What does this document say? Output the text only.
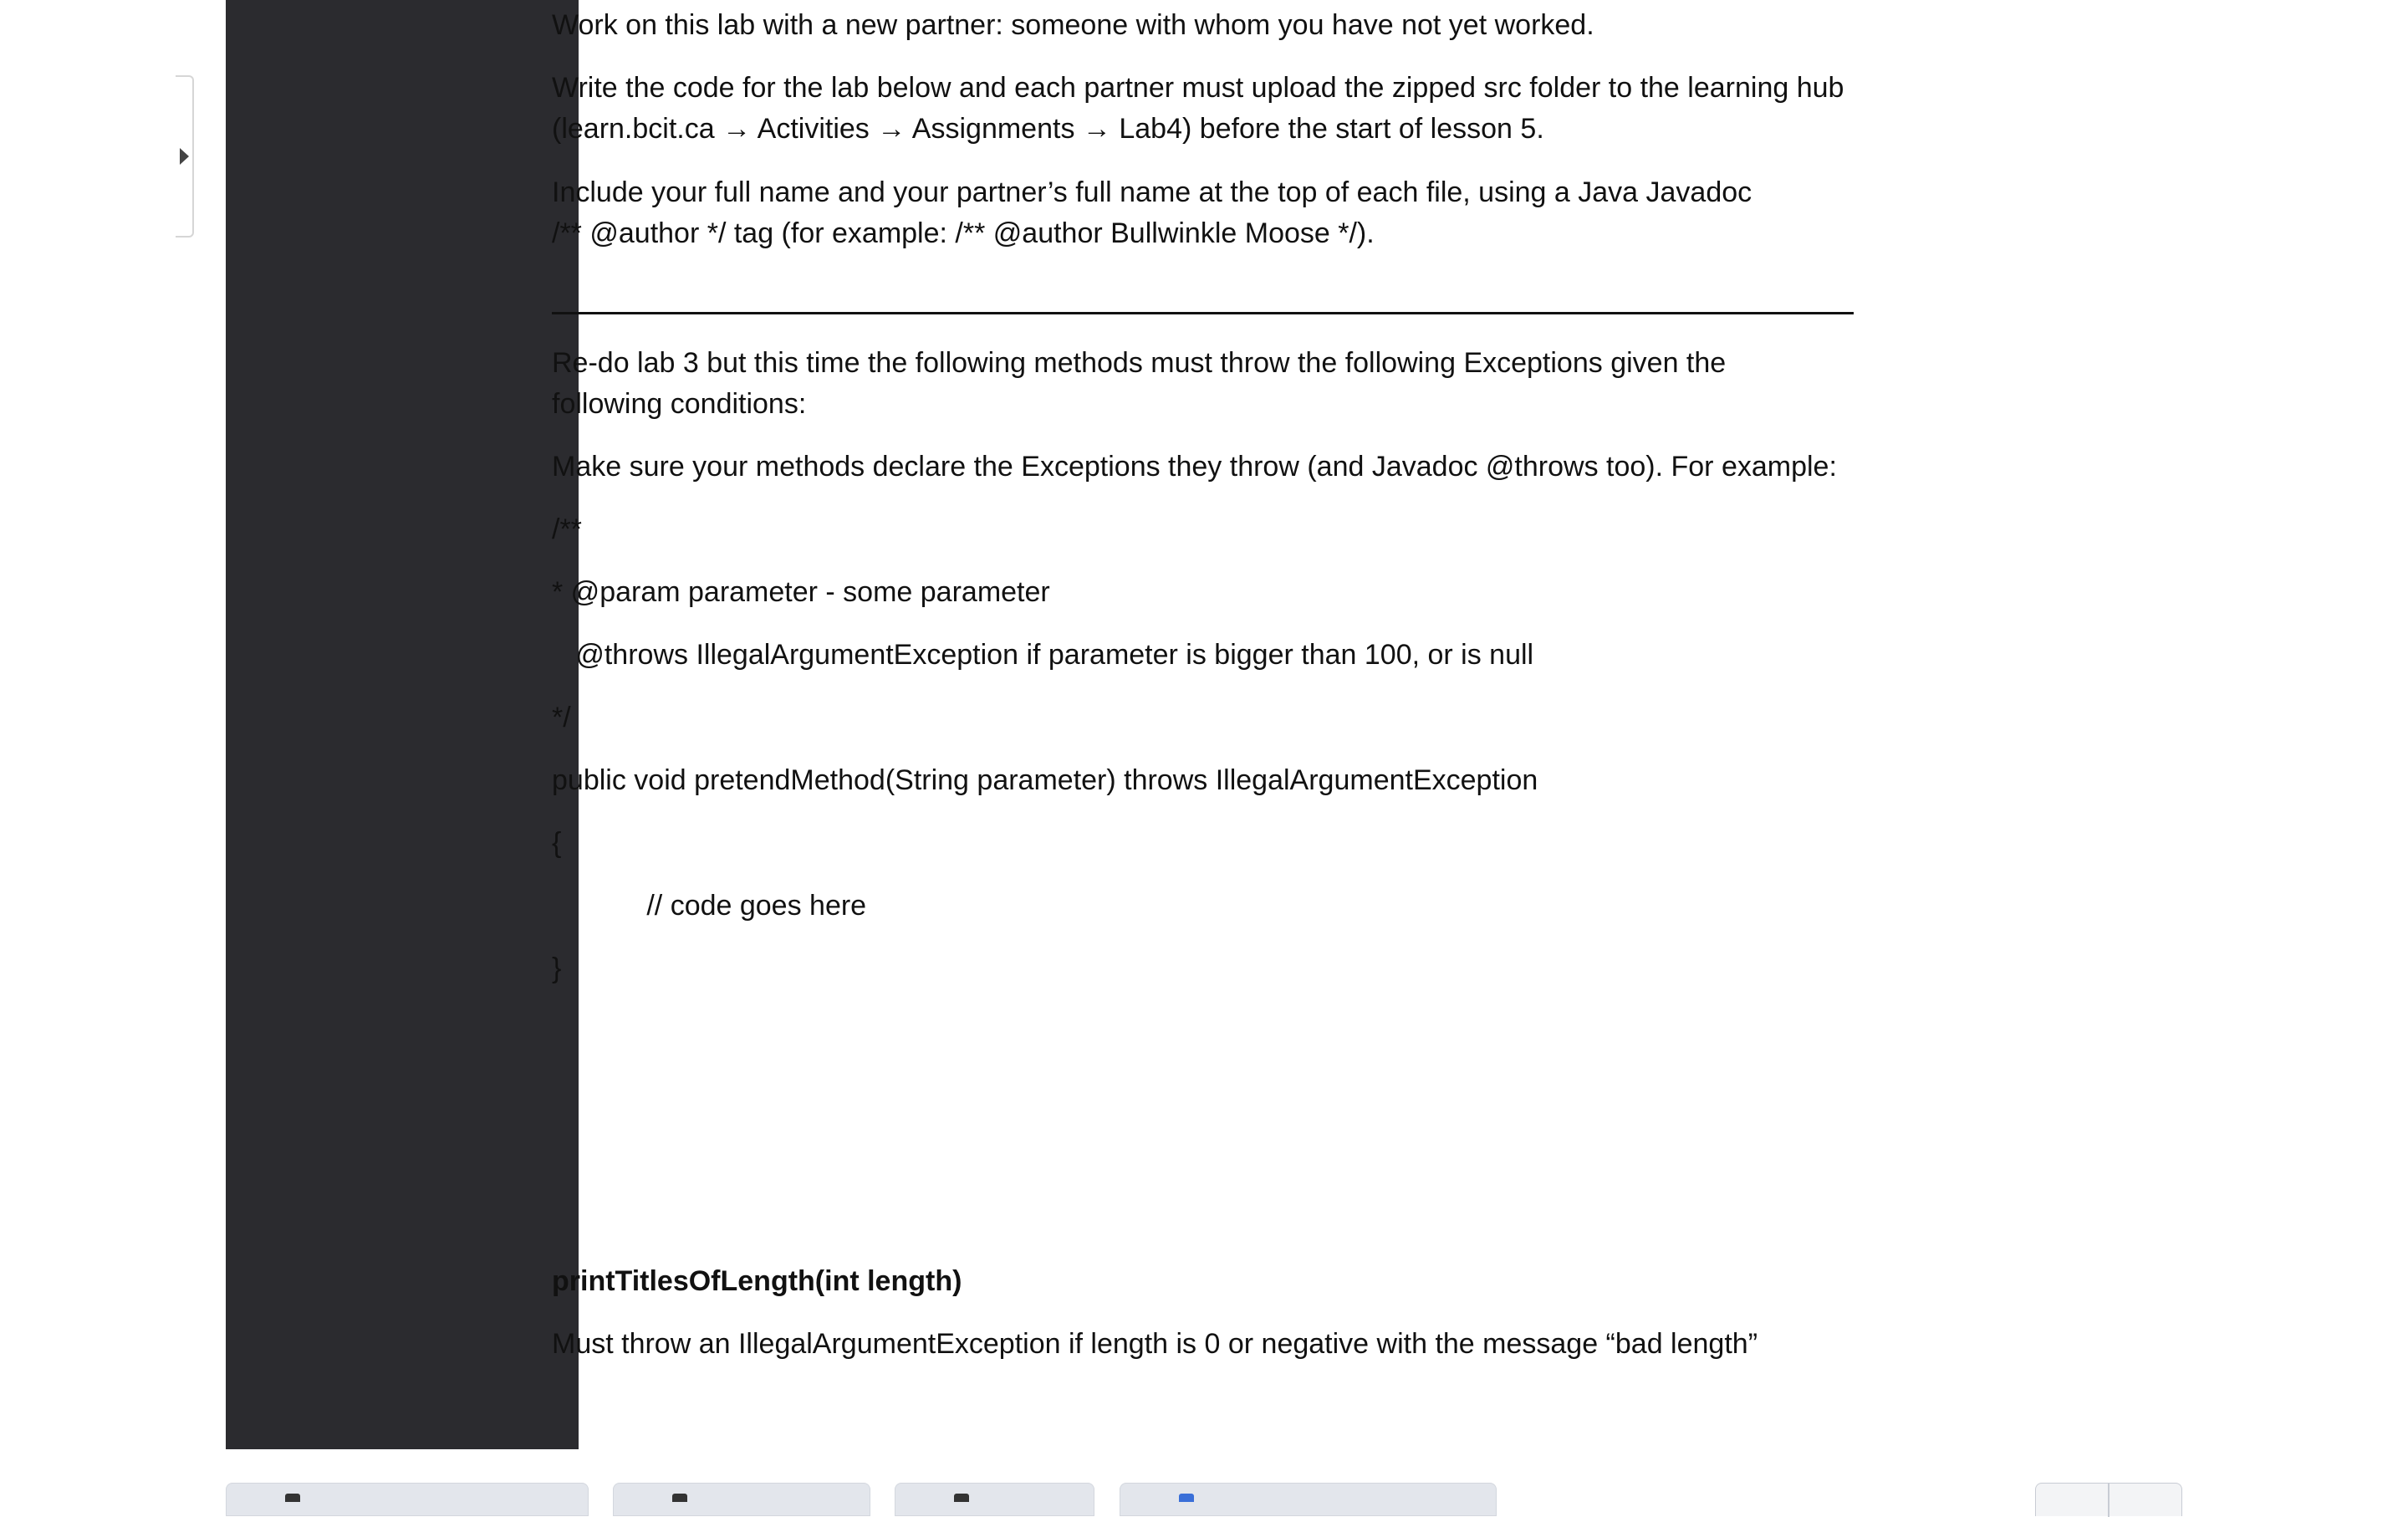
Work on this lab with a new partner: someone with whom you have not yet worked.
Write the code for the lab below and each partner must upload the zipped src folder to the learning hub
(learn.bcit.ca → Activities → Assignments → Lab4) before the start of lesson 5.
Include your full name and your partner’s full name at the top of each file, using a Java Javadoc
/** @author */ tag (for example: /** @author Bullwinkle Moose */).
Re-do lab 3 but this time the following methods must throw the following Exceptions given the
following conditions:
Make sure your methods declare the Exceptions they throw (and Javadoc @throws too). For example:
/**
* @param parameter - some parameter
@throws IllegalArgumentException if parameter is bigger than 100, or is null
*/
public void pretendMethod(String parameter) throws IllegalArgumentException
{
// code goes here
}
printTitlesOfLength(int length)
Must throw an IllegalArgumentException if length is 0 or negative with the message “bad length”
